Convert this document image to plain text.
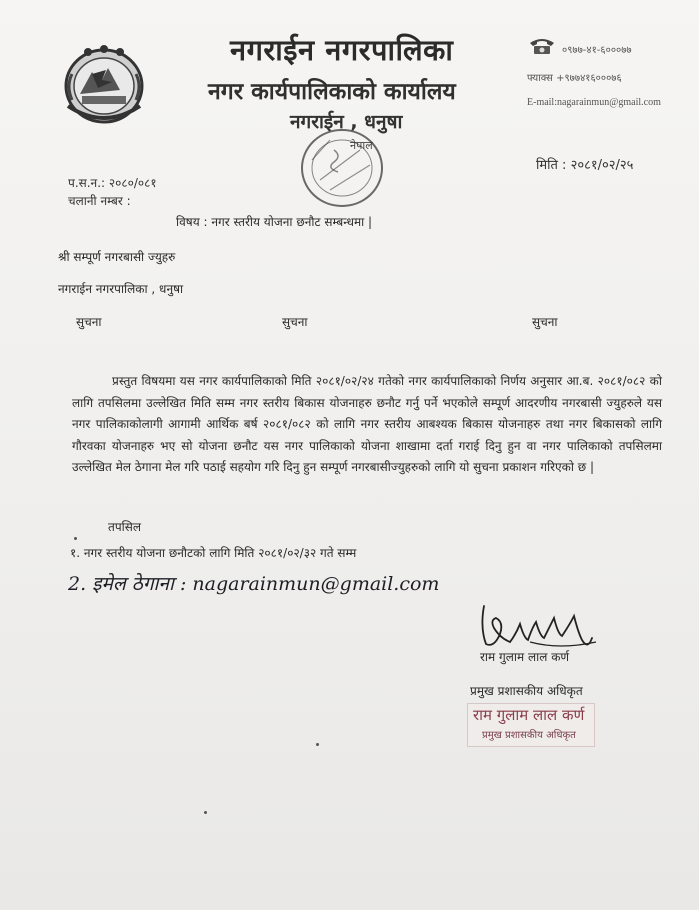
नगराईन नगरपालिका
नगर कार्यपालिकाको कार्यालय
नगराईन , धनुषा
नेपाल
०९७७-४१-६०००७७
फ्याक्स +९७७४१६०००७६
E-mail:nagarainmun@gmail.com
मिति : २०८१/०२/२५
प.स.न.: २०८०/०८१
चलानी नम्बर :
विषय : नगर स्तरीय योजना छनौट सम्बन्धमा |
श्री सम्पूर्ण नगरबासी ज्युहरु
नगराईन नगरपालिका , धनुषा
सुचना	सुचना	सुचना
प्रस्तुत विषयमा यस नगर कार्यपालिकाको मिति २०८१/०२/२४ गतेको नगर कार्यपालिकाको निर्णय अनुसार आ.ब. २०८१/०८२ को लागि तपसिलमा उल्लेखित मिति सम्म नगर स्तरीय बिकास योजनाहरु छनौट गर्नु पर्ने भएकोले सम्पूर्ण आदरणीय नगरबासी ज्युहरुले यस नगर पालिकाकोलागी आगामी आर्थिक बर्ष २०८१/०८२ को लागि नगर स्तरीय आबश्यक बिकास योजनाहरु तथा नगर बिकासको लागि गौरवका योजनाहरु भए सो योजना छनौट यस नगर पालिकाको योजना शाखामा दर्ता गराई दिनु हुन वा नगर पालिकाको तपसिलमा उल्लेखित मेल ठेगाना मेल गरि पठाई सहयोग गरि दिनु हुन सम्पूर्ण नगरबासीज्युहरुको लागि यो सुचना प्रकाशन गरिएको छ |
तपसिल
१. नगर स्तरीय योजना छनौटको लागि मिति २०८१/०२/३२ गते सम्म
2. इमेल ठेगाना : nagarainmun@gmail.com
राम गुलाम लाल कर्ण
प्रमुख प्रशासकीय अधिकृत
राम गुलाम लाल कर्ण
प्रमुख प्रशासकीय अधिकृत
